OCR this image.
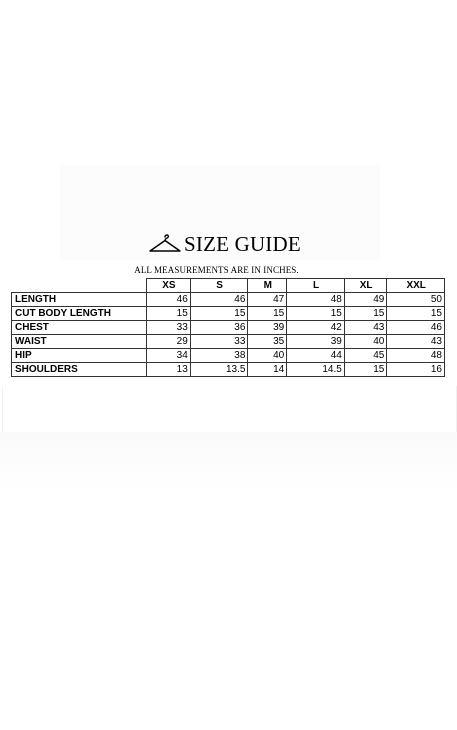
SIZE GUIDE
ALL MEASUREMENTS ARE IN INCHES.
	XS	S	M	L	XL	XXL
LENGTH	46	46	47	48	49	50
CUT BODY LENGTH	15	15	15	15	15	15
CHEST	33	36	39	42	43	46
WAIST	29	33	35	39	40	43
HIP	34	38	40	44	45	48
SHOULDERS	13	13.5	14	14.5	15	16
